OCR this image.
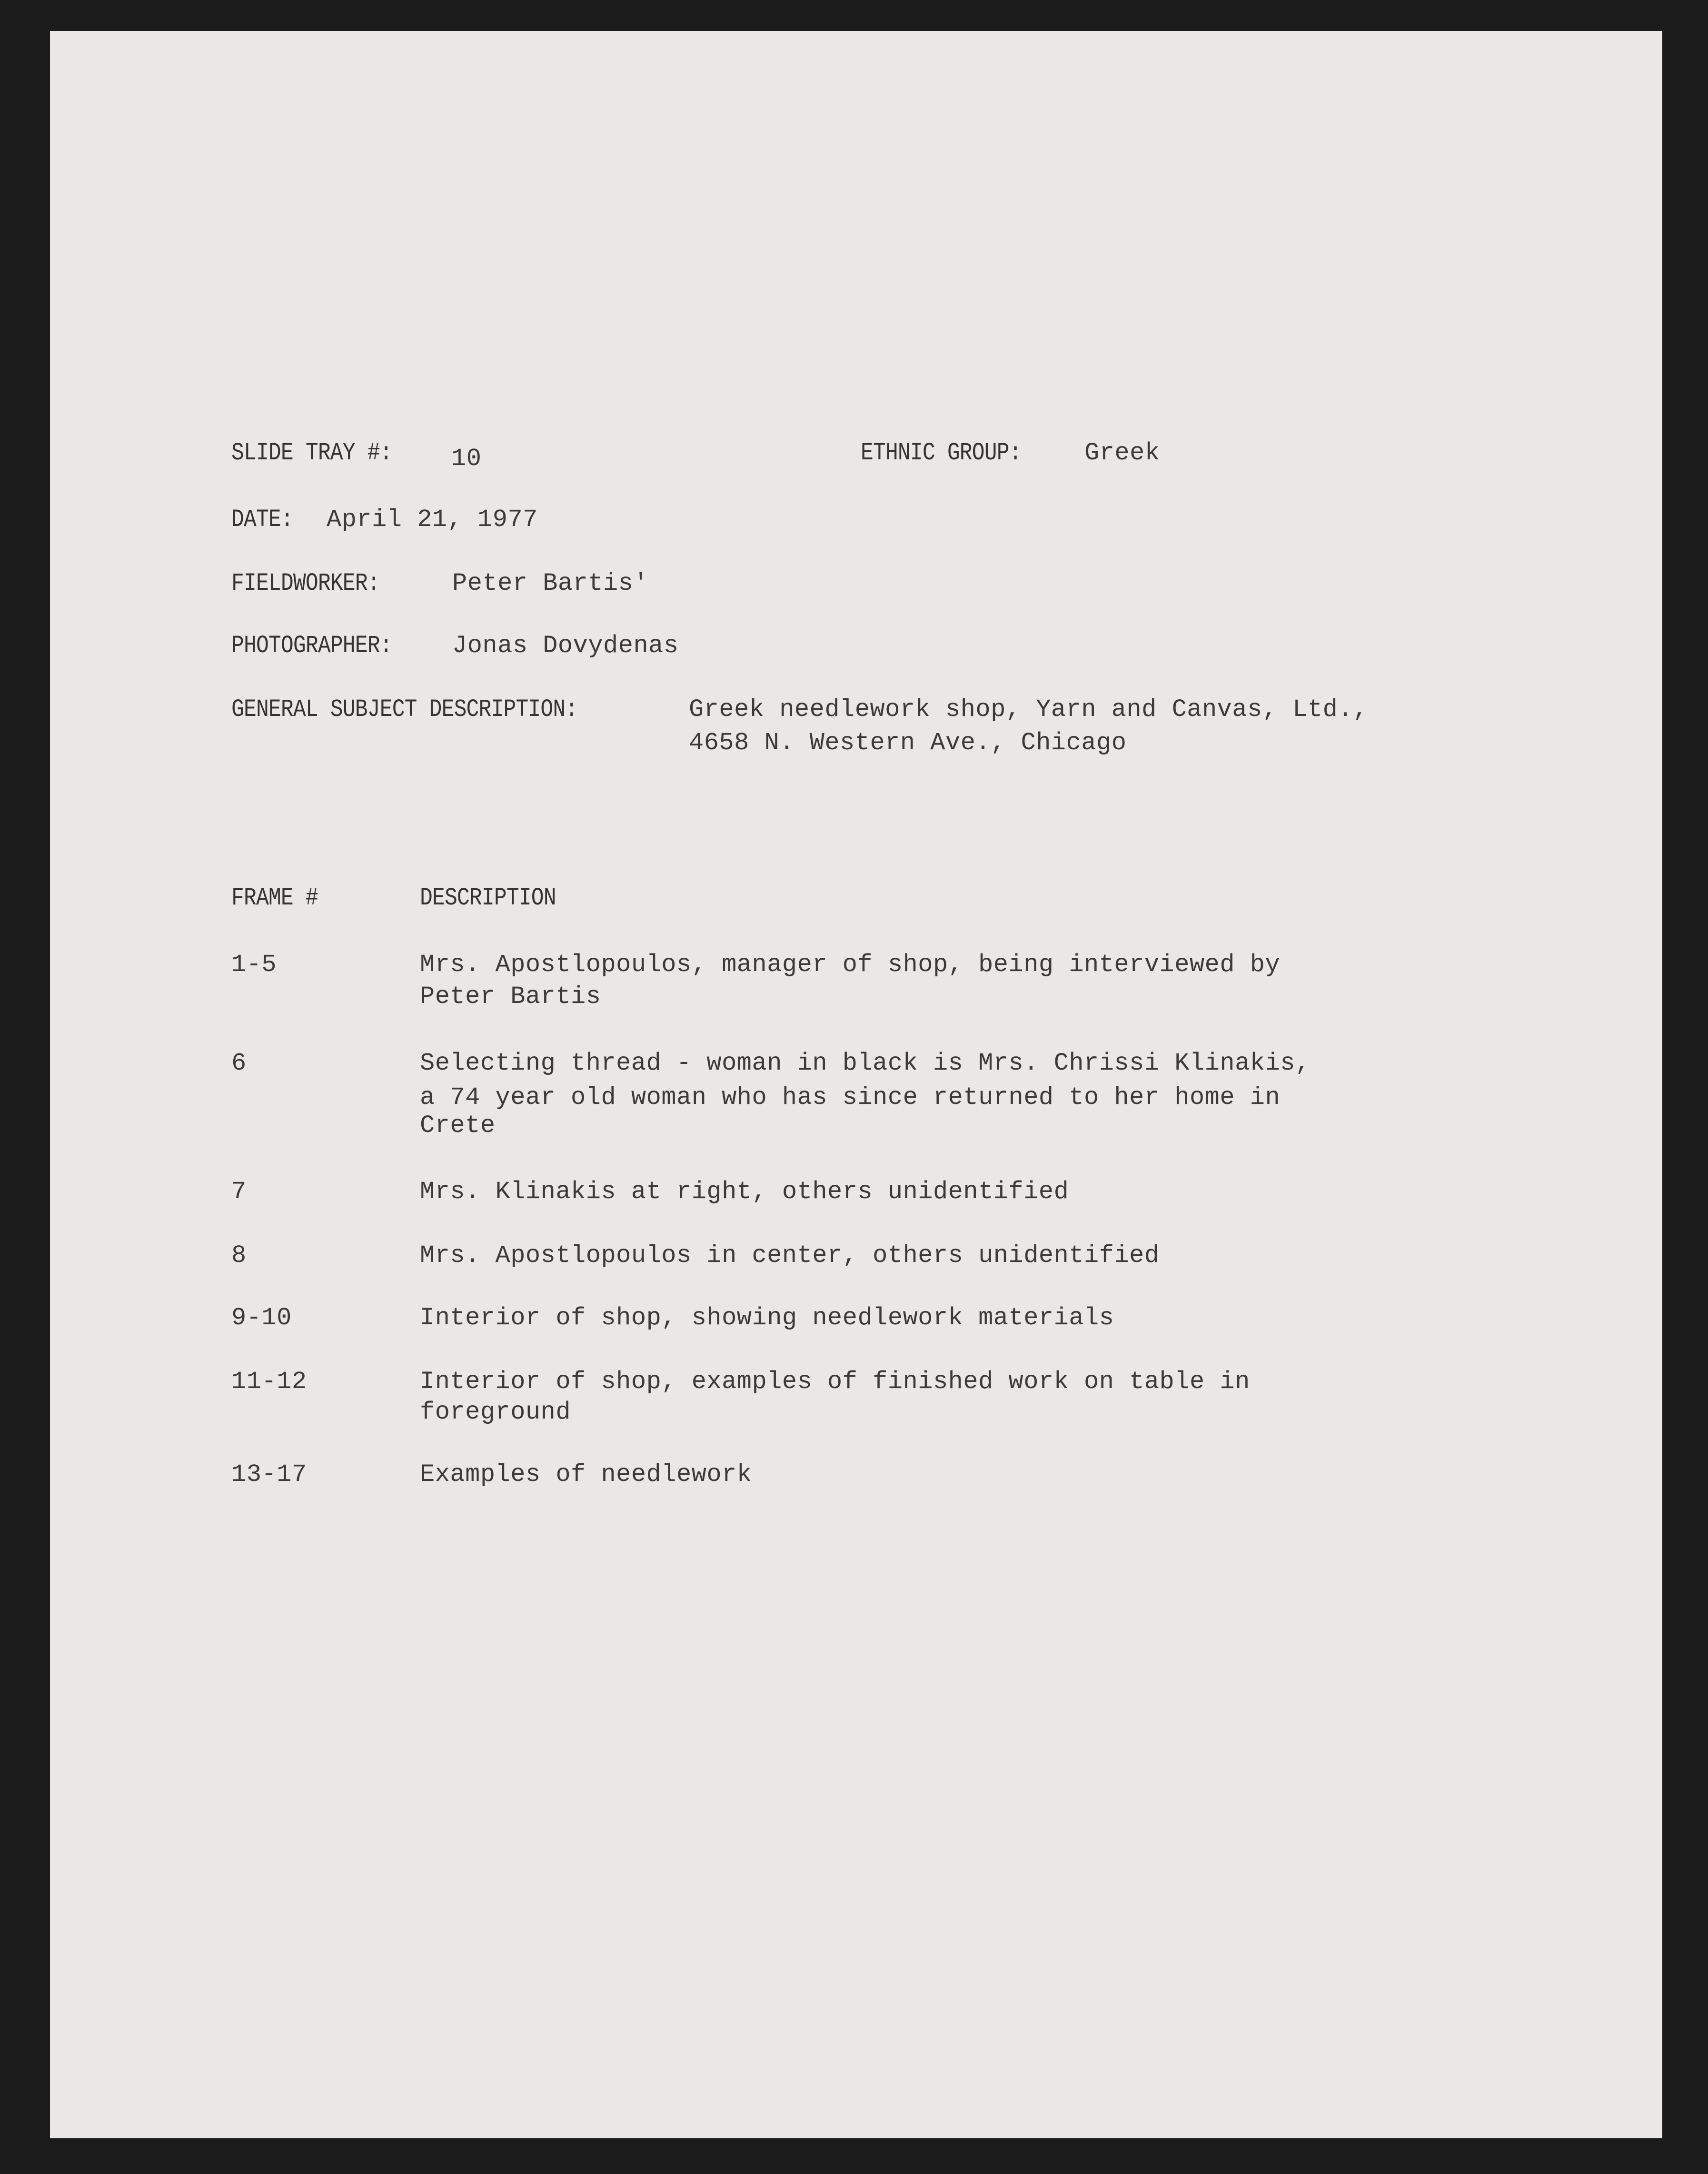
SLIDE TRAY #: 10	ETHNIC GROUP:	Greek
DATE: April 21, 1977
FIELDWORKER:	Peter Bartis'
PHOTOGRAPHER: Jonas Dovydenas
GENERAL SUBJECT DESCRIPTION:	Greek needlework shop, Yarn and Canvas, Ltd.,
4658 N. Western Ave., Chicago
FRAME #	DESCRIPTION
1-5	Mrs. Apostlopoulos, manager of shop, being interviewed by
Peter Bartis
6	Selecting thread - woman in black is Mrs. Chrissi Klinakis,
a 74 year old woman who has since returned to her home in
Crete
7	Mrs. Klinakis at right, others unidentified
8	Mrs. Apostlopoulos in center, others unidentified
9-10	Interior of shop, showing needlework materials
11-12	Interior of shop, examples of finished work on table in
foreground
13-17	Examples of needlework
